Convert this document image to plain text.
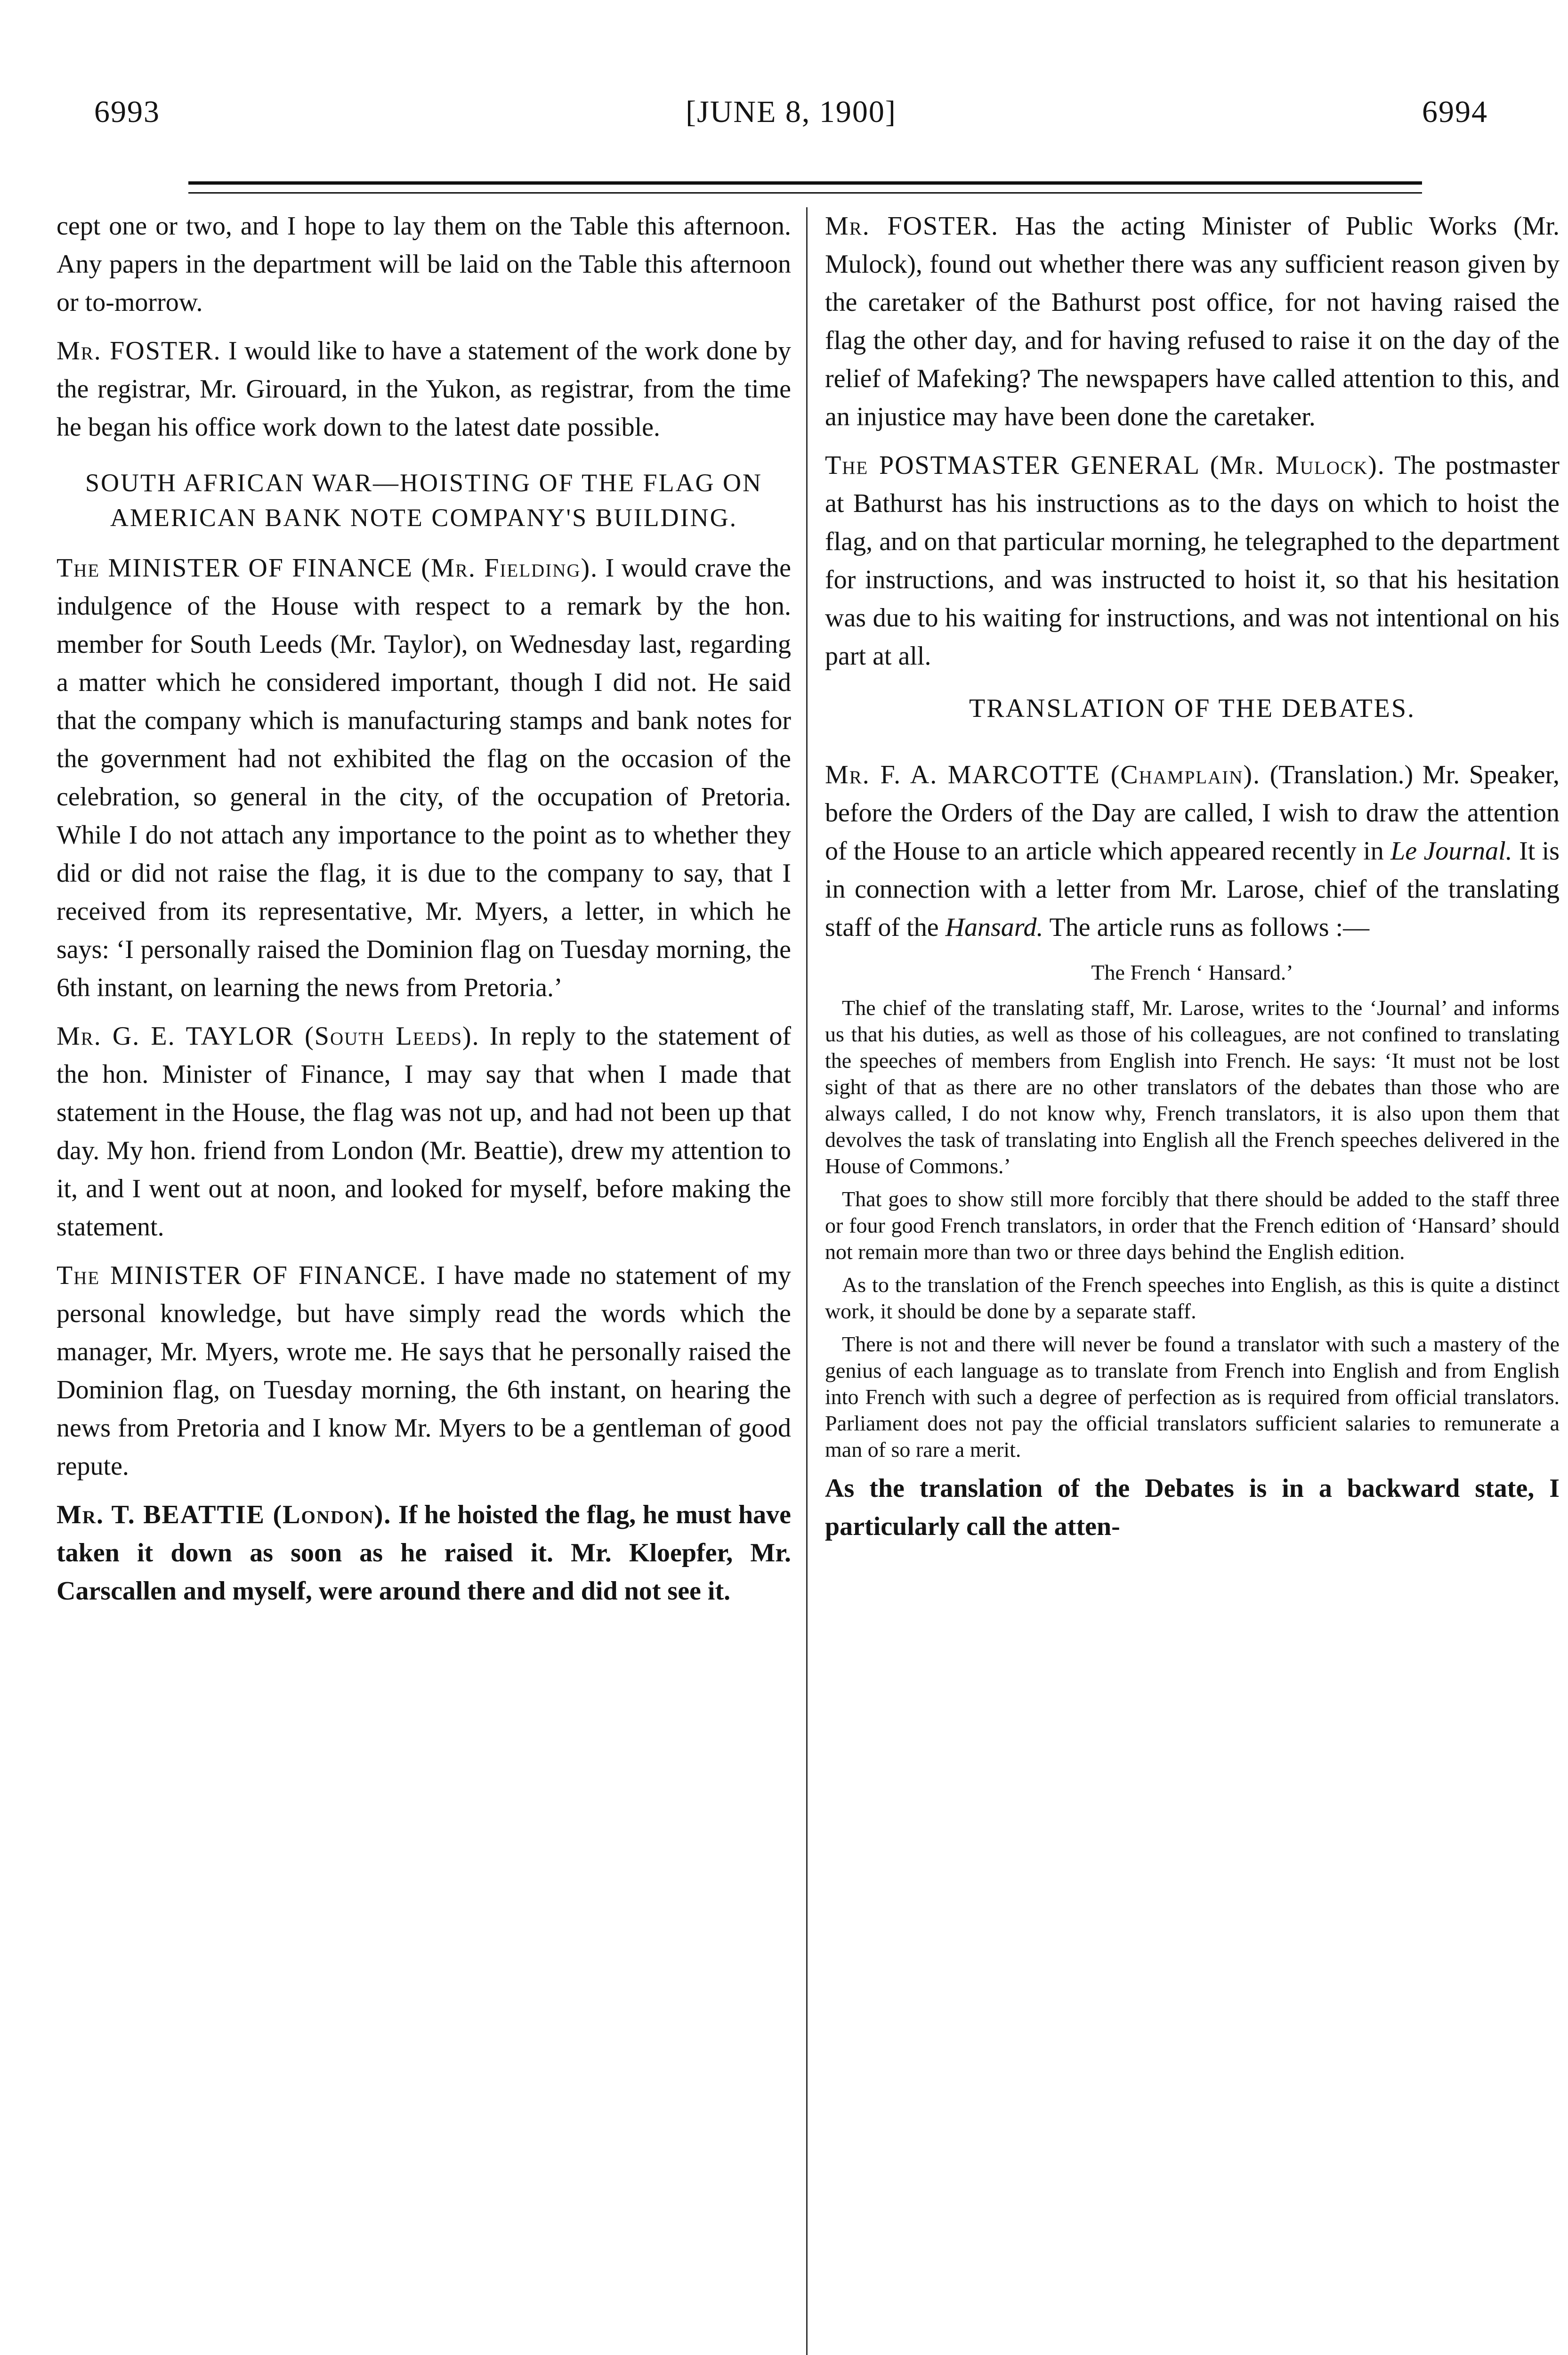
6993	[JUNE 8, 1900]	6994

cept one or two, and I hope to lay them on the Table this afternoon. Any papers in the department will be laid on the Table this afternoon or to-morrow.

Mr. FOSTER. I would like to have a statement of the work done by the registrar, Mr. Girouard, in the Yukon, as registrar, from the time he began his office work down to the latest date possible.

SOUTH AFRICAN WAR—HOISTING OF THE FLAG ON AMERICAN BANK NOTE COMPANY'S BUILDING.

The MINISTER OF FINANCE (Mr. Fielding). I would crave the indulgence of the House with respect to a remark by the hon. member for South Leeds (Mr. Taylor), on Wednesday last, regarding a matter which he considered important, though I did not. He said that the company which is manufacturing stamps and bank notes for the government had not exhibited the flag on the occasion of the celebration, so general in the city, of the occupation of Pretoria. While I do not attach any importance to the point as to whether they did or did not raise the flag, it is due to the company to say, that I received from its representative, Mr. Myers, a letter, in which he says: ‘I personally raised the Dominion flag on Tuesday morning, the 6th instant, on learning the news from Pretoria.’

Mr. G. E. TAYLOR (South Leeds). In reply to the statement of the hon. Minister of Finance, I may say that when I made that statement in the House, the flag was not up, and had not been up that day. My hon. friend from London (Mr. Beattie), drew my attention to it, and I went out at noon, and looked for myself, before making the statement.

The MINISTER OF FINANCE. I have made no statement of my personal knowledge, but have simply read the words which the manager, Mr. Myers, wrote me. He says that he personally raised the Dominion flag, on Tuesday morning, the 6th instant, on hearing the news from Pretoria and I know Mr. Myers to be a gentleman of good repute.

Mr. T. BEATTIE (London). If he hoisted the flag, he must have taken it down as soon as he raised it. Mr. Kloepfer, Mr. Carscallen and myself, were around there and did not see it.

Mr. FOSTER. Has the acting Minister of Public Works (Mr. Mulock), found out whether there was any sufficient reason given by the caretaker of the Bathurst post office, for not having raised the flag the other day, and for having refused to raise it on the day of the relief of Mafeking? The newspapers have called attention to this, and an injustice may have been done the caretaker.

The POSTMASTER GENERAL (Mr. Mulock). The postmaster at Bathurst has his instructions as to the days on which to hoist the flag, and on that particular morning, he telegraphed to the department for instructions, and was instructed to hoist it, so that his hesitation was due to his waiting for instructions, and was not intentional on his part at all.

TRANSLATION OF THE DEBATES.

Mr. F. A. MARCOTTE (Champlain). (Translation.) Mr. Speaker, before the Orders of the Day are called, I wish to draw the attention of the House to an article which appeared recently in Le Journal. It is in connection with a letter from Mr. Larose, chief of the translating staff of the Hansard. The article runs as follows :—

The French ‘ Hansard.’

The chief of the translating staff, Mr. Larose, writes to the ‘Journal’ and informs us that his duties, as well as those of his colleagues, are not confined to translating the speeches of members from English into French. He says: ‘It must not be lost sight of that as there are no other translators of the debates than those who are always called, I do not know why, French translators, it is also upon them that devolves the task of translating into English all the French speeches delivered in the House of Commons.’

That goes to show still more forcibly that there should be added to the staff three or four good French translators, in order that the French edition of ‘Hansard’ should not remain more than two or three days behind the English edition.

As to the translation of the French speeches into English, as this is quite a distinct work, it should be done by a separate staff.

There is not and there will never be found a translator with such a mastery of the genius of each language as to translate from French into English and from English into French with such a degree of perfection as is required from official translators. Parliament does not pay the official translators sufficient salaries to remunerate a man of so rare a merit.

As the translation of the Debates is in a backward state, I particularly call the atten-
